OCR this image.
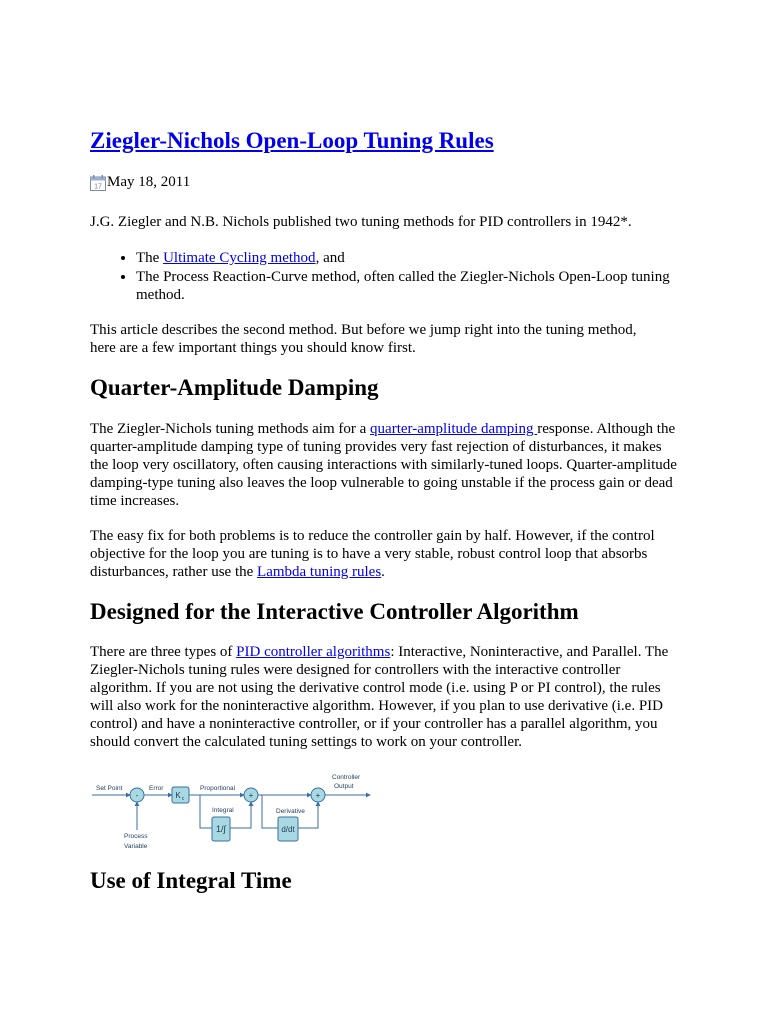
Ziegler-Nichols Open-Loop Tuning Rules
17 May 18, 2011

J.G. Ziegler and N.B. Nichols published two tuning methods for PID controllers in 1942*.

• The Ultimate Cycling method, and
• The Process Reaction-Curve method, often called the Ziegler-Nichols Open-Loop tuning method.

This article describes the second method. But before we jump right into the tuning method, here are a few important things you should know first.

Quarter-Amplitude Damping

The Ziegler-Nichols tuning methods aim for a quarter-amplitude damping response. Although the quarter-amplitude damping type of tuning provides very fast rejection of disturbances, it makes the loop very oscillatory, often causing interactions with similarly-tuned loops. Quarter-amplitude damping-type tuning also leaves the loop vulnerable to going unstable if the process gain or dead time increases.

The easy fix for both problems is to reduce the controller gain by half. However, if the control objective for the loop you are tuning is to have a very stable, robust control loop that absorbs disturbances, rather use the Lambda tuning rules.

Designed for the Interactive Controller Algorithm

There are three types of PID controller algorithms: Interactive, Noninteractive, and Parallel. The Ziegler-Nichols tuning rules were designed for controllers with the interactive controller algorithm. If you are not using the derivative control mode (i.e. using P or PI control), the rules will also work for the noninteractive algorithm. However, if you plan to use derivative (i.e. PID control) and have a noninteractive controller, or if your controller has a parallel algorithm, you should convert the calculated tuning settings to work on your controller.

Use of Integral Time
-	+	+
K c
1/∫	d/dt
Set Point	Error	Proportional
Integral	Derivative
Controller
Output
Process
Variable
